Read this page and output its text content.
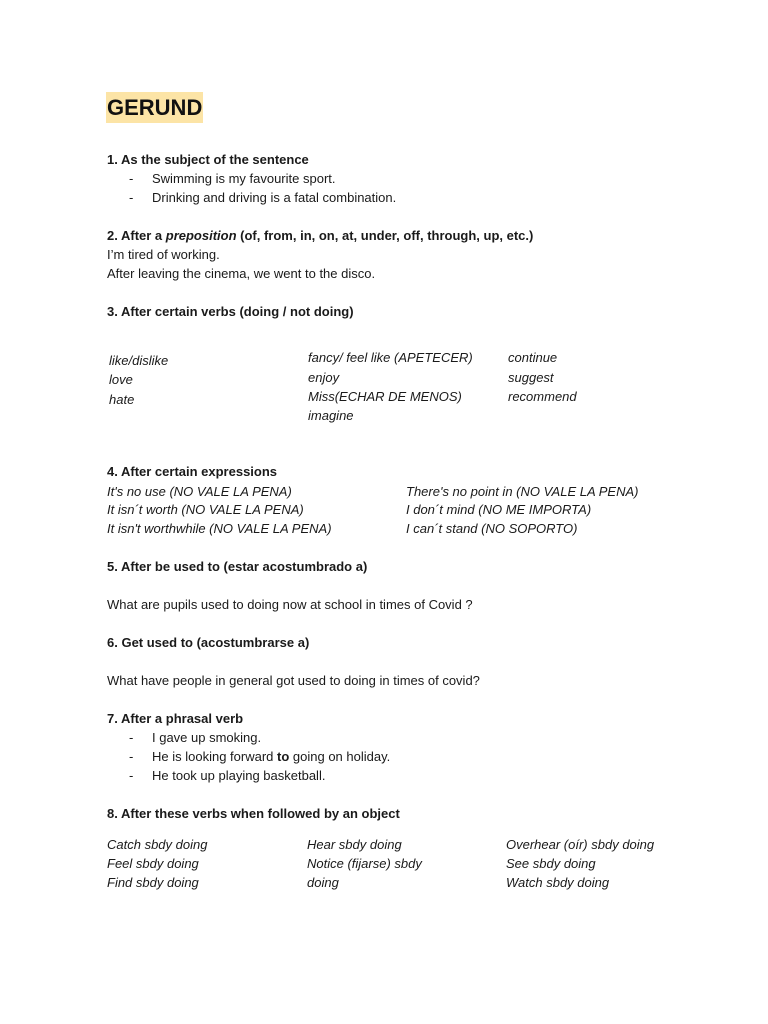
GERUND
1. As the subject of the sentence
- Swimming is my favourite sport.
- Drinking and driving is a fatal combination.
2. After a preposition (of, from, in, on, at, under, off, through, up, etc.)
I’m tired of working.
After leaving the cinema, we went to the disco.
3. After certain verbs (doing / not doing)
like/dislike
love
hate
fancy/ feel like (APETECER)
enjoy
Miss(ECHAR DE MENOS)
imagine
continue
suggest
recommend
4. After certain expressions
It's no use (NO VALE LA PENA)
It isn´t worth (NO VALE LA PENA)
It isn't worthwhile (NO VALE LA PENA)
There's no point in (NO VALE LA PENA)
I don´t mind (NO ME IMPORTA)
I can´t stand (NO SOPORTO)
5. After be used to (estar acostumbrado a)
What are pupils used to doing now at school in times of Covid ?
6. Get used to (acostumbrarse a)
What have people in general got used to doing in times of covid?
7. After a phrasal verb
- I gave up smoking.
- He is looking forward to going on holiday.
- He took up playing basketball.
8. After these verbs when followed by an object
Catch sbdy doing
Feel sbdy doing
Find sbdy doing
Hear sbdy doing
Notice (fijarse) sbdy
doing
Overhear (oír) sbdy doing
See sbdy doing
Watch sbdy doing
